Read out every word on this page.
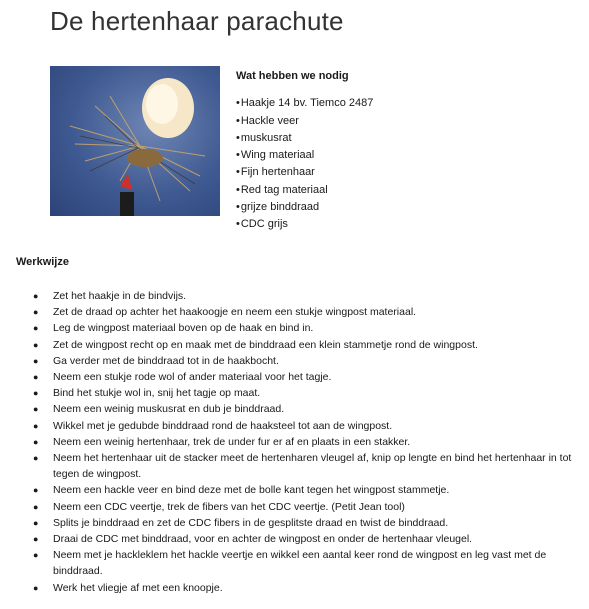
De hertenhaar parachute
Wat hebben we nodig
• Haakje 14 bv. Tiemco 2487
• Hackle veer
• muskusrat
• Wing materiaal
• Fijn hertenhaar
• Red tag materiaal
• grijze binddraad
• CDC grijs
Werkwijze
● Zet het haakje in de bindvijs.
● Zet de draad op achter het haakoogje en neem een stukje wingpost materiaal.
● Leg de wingpost materiaal boven op de haak en bind in.
● Zet de wingpost recht op en maak met de binddraad een klein stammetje rond de wingpost.
● Ga verder met de binddraad tot in de haakbocht.
● Neem een stukje rode wol of ander materiaal voor het tagje.
● Bind het stukje wol in, snij het tagje op maat.
● Neem een weinig muskusrat en dub je binddraad.
● Wikkel met je gedubde binddraad rond de haaksteel tot aan de wingpost.
● Neem een weinig hertenhaar, trek de under fur er af en plaats in een stakker.
● Neem het hertenhaar uit de stacker meet de hertenharen vleugel af, knip op lengte en bind het hertenhaar in tot tegen de wingpost.
● Neem een hackle veer en bind deze met de bolle kant tegen het wingpost stammetje.
● Neem een CDC veertje, trek de fibers van het CDC veertje. (Petit Jean tool)
● Splits je binddraad en zet de CDC fibers in de gesplitste draad en twist de binddraad.
● Draai de CDC met binddraad, voor en achter de wingpost en onder de hertenhaar vleugel.
● Neem met je hackleklem het hackle veertje en wikkel een aantal keer rond de wingpost en leg vast met de binddraad.
● Werk het vliegje af met een knoopje.
